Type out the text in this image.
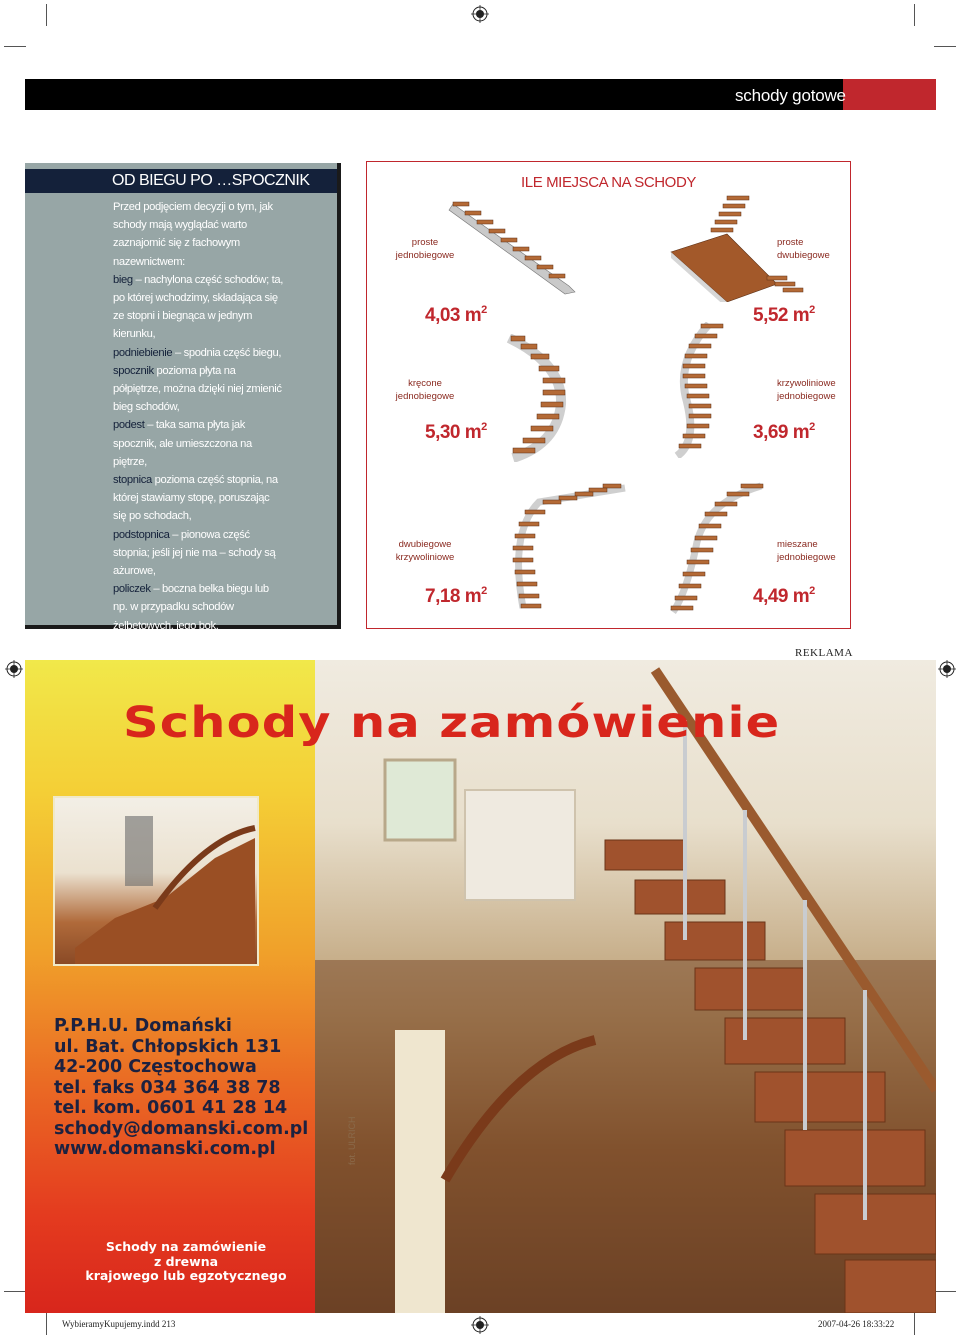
schody gotowe
OD BIEGU PO …SPOCZNIK
Przed podjęciem decyzji o tym, jak schody mają wyglądać warto zaznajomić się z fachowym nazewnictwem:
bieg – nachylona część schodów; ta, po której wchodzimy, składająca się ze stopni i biegnąca w jednym kierunku,
podniebienie – spodnia część biegu,
spocznik pozioma płyta na półpiętrze, można dzięki niej zmienić bieg schodów,
podest – taka sama płyta jak spocznik, ale umieszczona na piętrze,
stopnica pozioma część stopnia, na której stawiamy stopę, poruszając się po schodach,
podstopnica – pionowa część stopnia; jeśli jej nie ma – schody są ażurowe,
policzek – boczna belka biegu lub np. w przypadku schodów żelbetowych, jego bok.
ILE MIEJSCA NA SCHODY
proste
jednobiegowe
proste
dwubiegowe
4,03 $m^2$	5,52 $m^2$
kręcone
jednobiegowe
krzywoliniowe
jednobiegowe
5,30 $m^2$	3,69 $m^2$
dwubiegowe
krzywoliniowe
mieszane
jednobiegowe
7,18 $m^2$	4,49 $m^2$
REKLAMA
Schody na zamówienie
P.P.H.U. Domański
ul. Bat. Chłopskich 131
42-200 Częstochowa
tel. faks 034 364 38 78
tel. kom. 0601 41 28 14
schody@domanski.com.pl
www.domanski.com.pl
Schody na zamówienie
z drewna
krajowego lub egzotycznego
fot. ULRICH
WybieramyKupujemy.indd 213	2007-04-26 18:33:22
